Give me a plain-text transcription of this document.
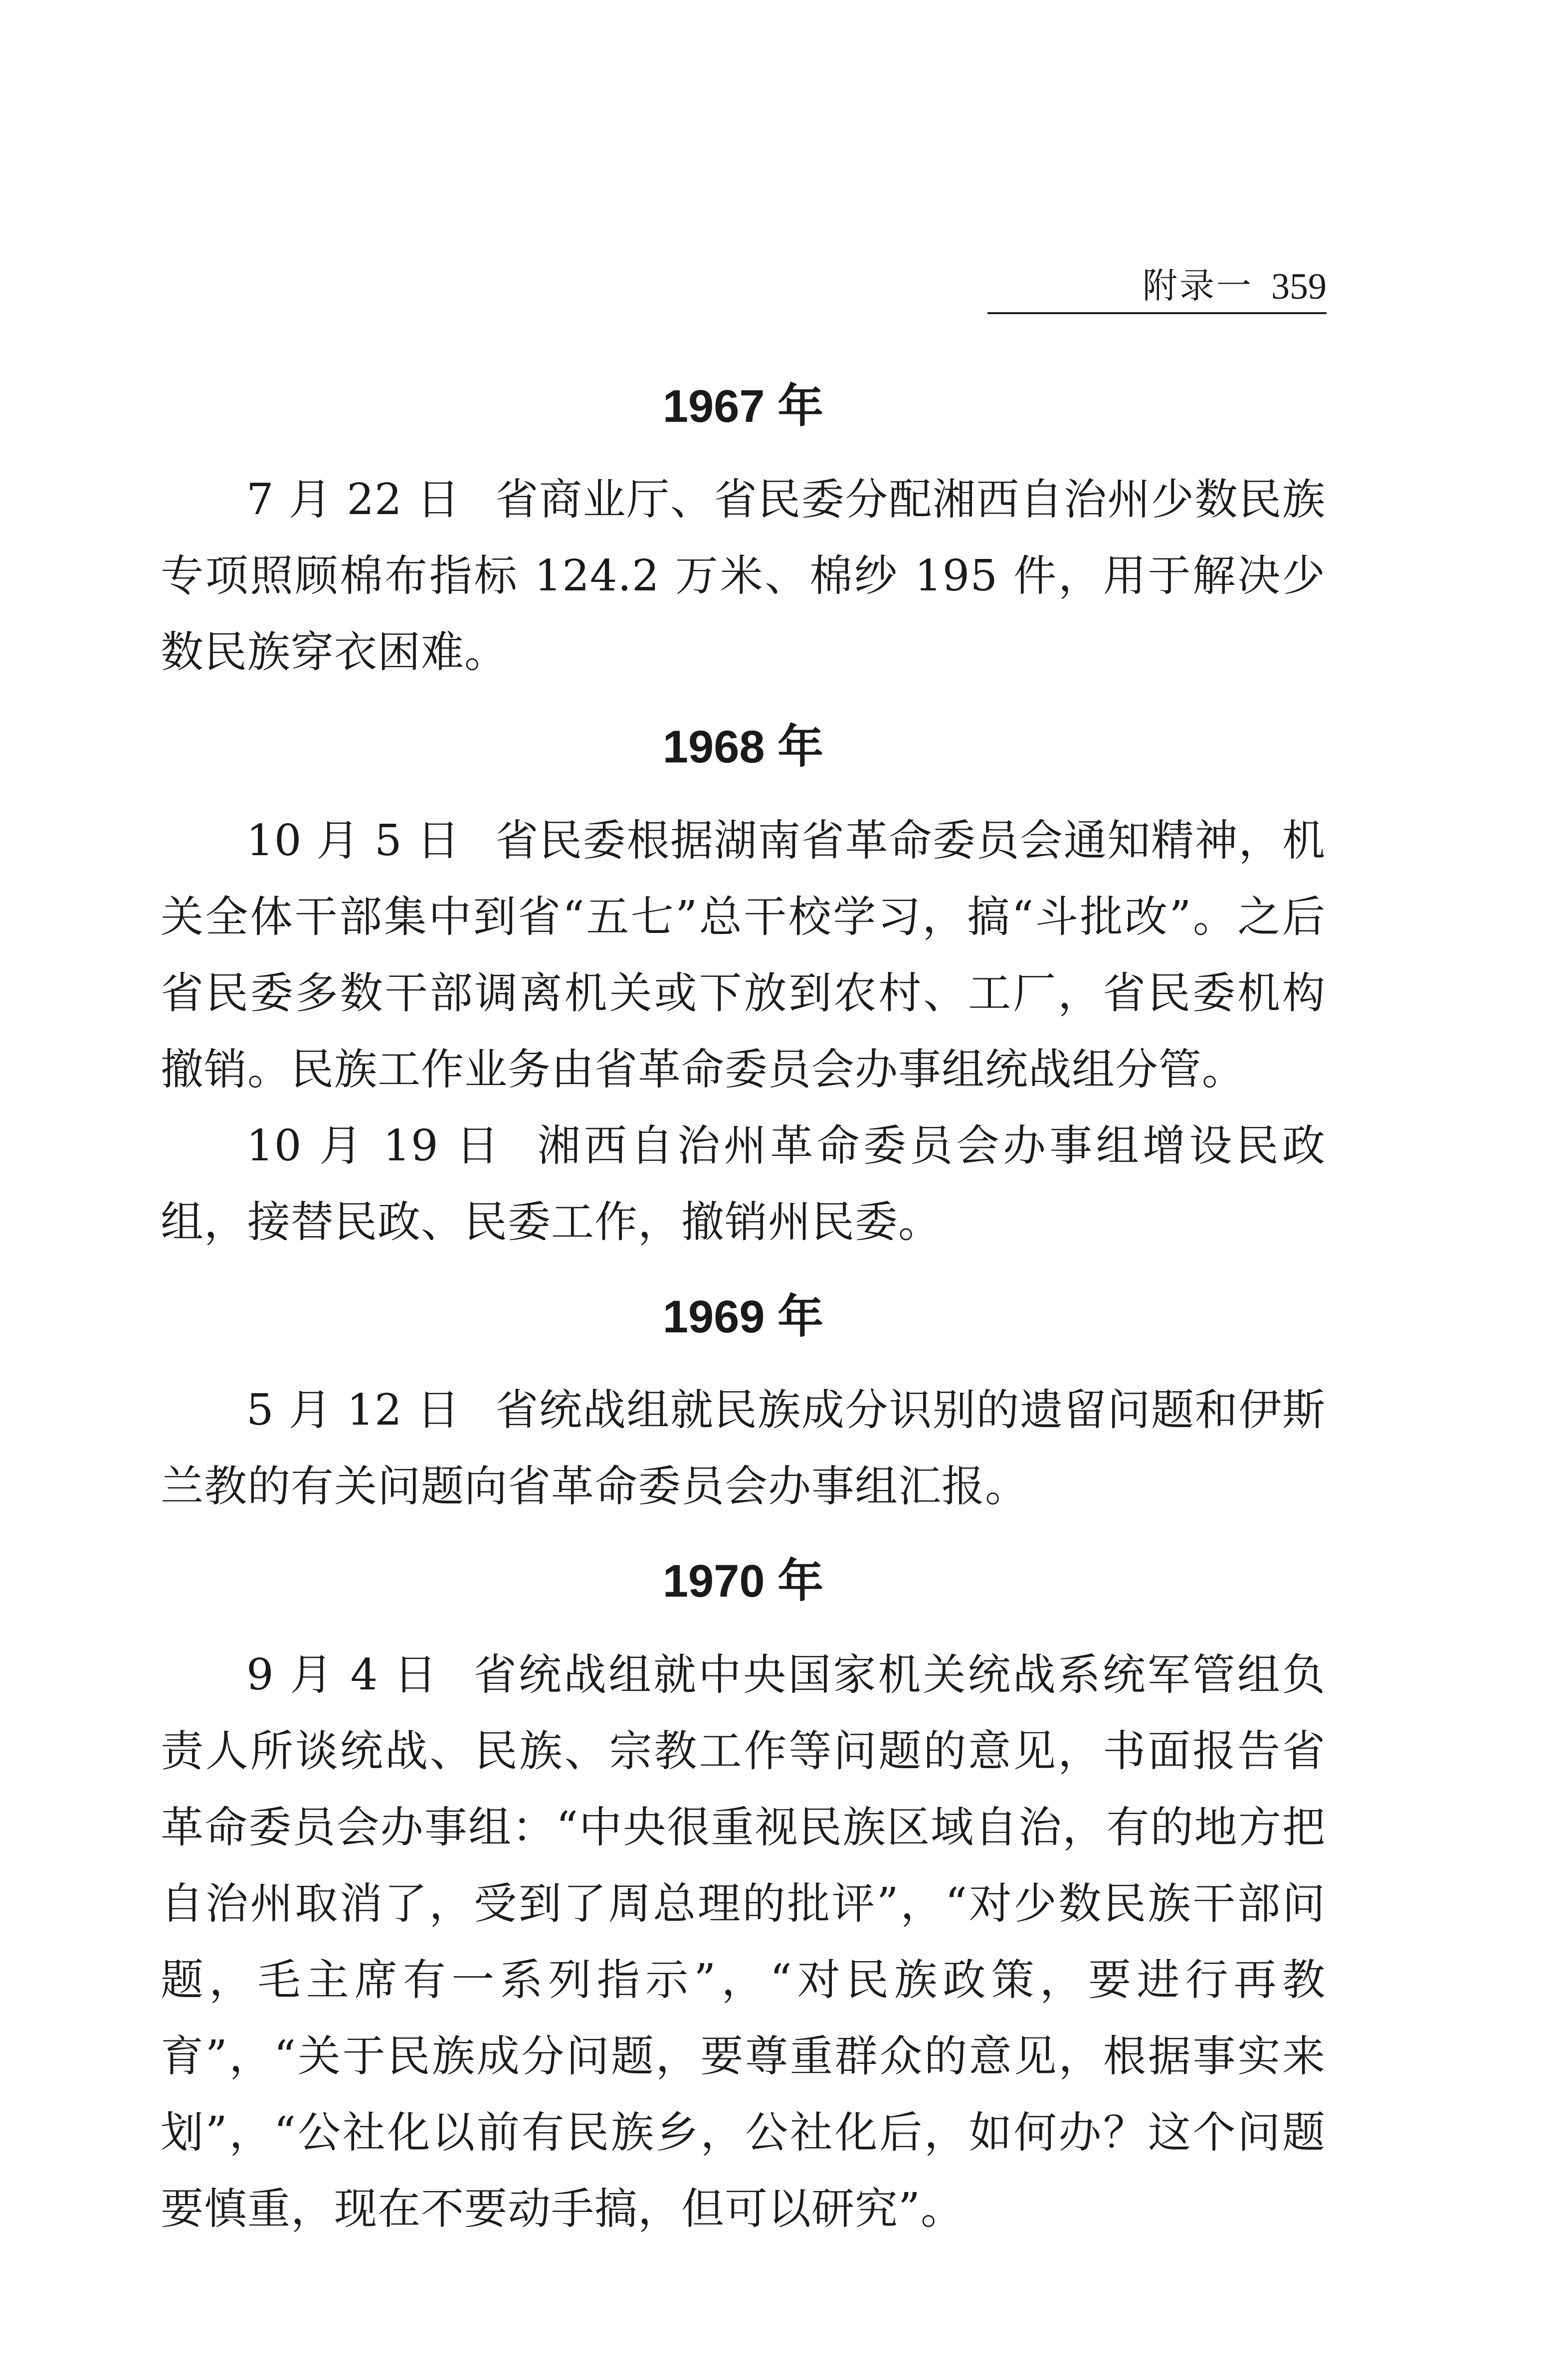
附录一 359
1967 年

7 月 22 日 省商业厅、省民委分配湘西自治州少数民族专项照顾棉布指标 124.2 万米、棉纱 195 件，用于解决少数民族穿衣困难。

1968 年

10 月 5 日 省民委根据湖南省革命委员会通知精神，机关全体干部集中到省“五七”总干校学习，搞“斗批改”。之后省民委多数干部调离机关或下放到农村、工厂，省民委机构撤销。民族工作业务由省革命委员会办事组统战组分管。

10 月 19 日 湘西自治州革命委员会办事组增设民政组，接替民政、民委工作，撤销州民委。

1969 年

5 月 12 日 省统战组就民族成分识别的遗留问题和伊斯兰教的有关问题向省革命委员会办事组汇报。

1970 年

9 月 4 日 省统战组就中央国家机关统战系统军管组负责人所谈统战、民族、宗教工作等问题的意见，书面报告省革命委员会办事组：“中央很重视民族区域自治，有的地方把自治州取消了，受到了周总理的批评”，“对少数民族干部问题，毛主席有一系列指示”，“对民族政策，要进行再教育”，“关于民族成分问题，要尊重群众的意见，根据事实来划”，“公社化以前有民族乡，公社化后，如何办？这个问题要慎重，现在不要动手搞，但可以研究”。
